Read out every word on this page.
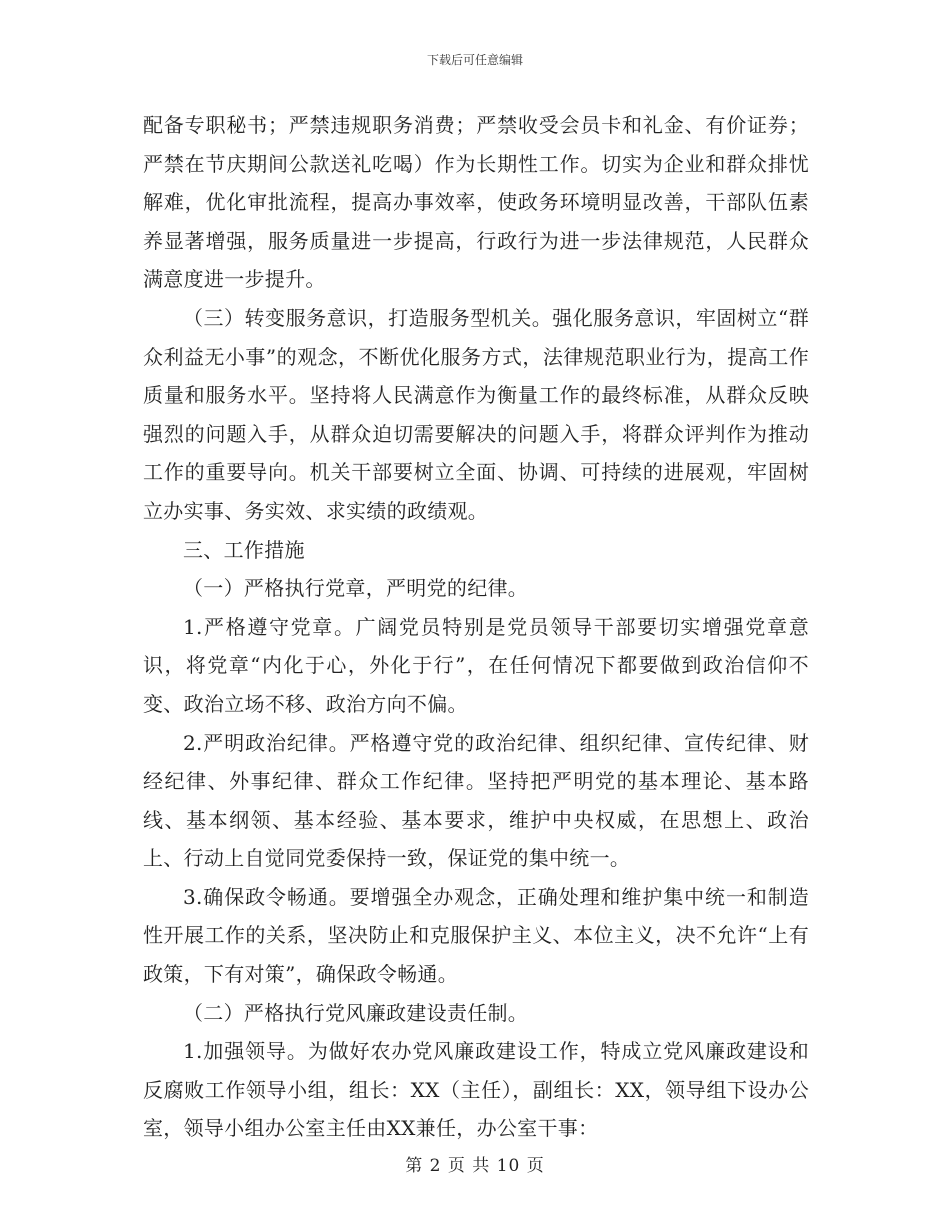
下载后可任意编辑

配备专职秘书；严禁违规职务消费；严禁收受会员卡和礼金、有价证券；严禁在节庆期间公款送礼吃喝）作为长期性工作。切实为企业和群众排忧解难，优化审批流程，提高办事效率，使政务环境明显改善，干部队伍素养显著增强，服务质量进一步提高，行政行为进一步法律规范，人民群众满意度进一步提升。

（三）转变服务意识，打造服务型机关。强化服务意识，牢固树立“群众利益无小事”的观念，不断优化服务方式，法律规范职业行为，提高工作质量和服务水平。坚持将人民满意作为衡量工作的最终标准，从群众反映强烈的问题入手，从群众迫切需要解决的问题入手，将群众评判作为推动工作的重要导向。机关干部要树立全面、协调、可持续的进展观，牢固树立办实事、务实效、求实绩的政绩观。

三、工作措施

（一）严格执行党章，严明党的纪律。

1.严格遵守党章。广阔党员特别是党员领导干部要切实增强党章意识，将党章“内化于心，外化于行”，在任何情况下都要做到政治信仰不变、政治立场不移、政治方向不偏。

2.严明政治纪律。严格遵守党的政治纪律、组织纪律、宣传纪律、财经纪律、外事纪律、群众工作纪律。坚持把严明党的基本理论、基本路线、基本纲领、基本经验、基本要求，维护中央权威，在思想上、政治上、行动上自觉同党委保持一致，保证党的集中统一。

3.确保政令畅通。要增强全办观念，正确处理和维护集中统一和制造性开展工作的关系，坚决防止和克服保护主义、本位主义，决不允许“上有政策，下有对策”，确保政令畅通。

（二）严格执行党风廉政建设责任制。

1.加强领导。为做好农办党风廉政建设工作，特成立党风廉政建设和反腐败工作领导小组，组长：XX（主任），副组长：XX，领导组下设办公室，领导小组办公室主任由XX兼任，办公室干事：

第 2 页 共 10 页
